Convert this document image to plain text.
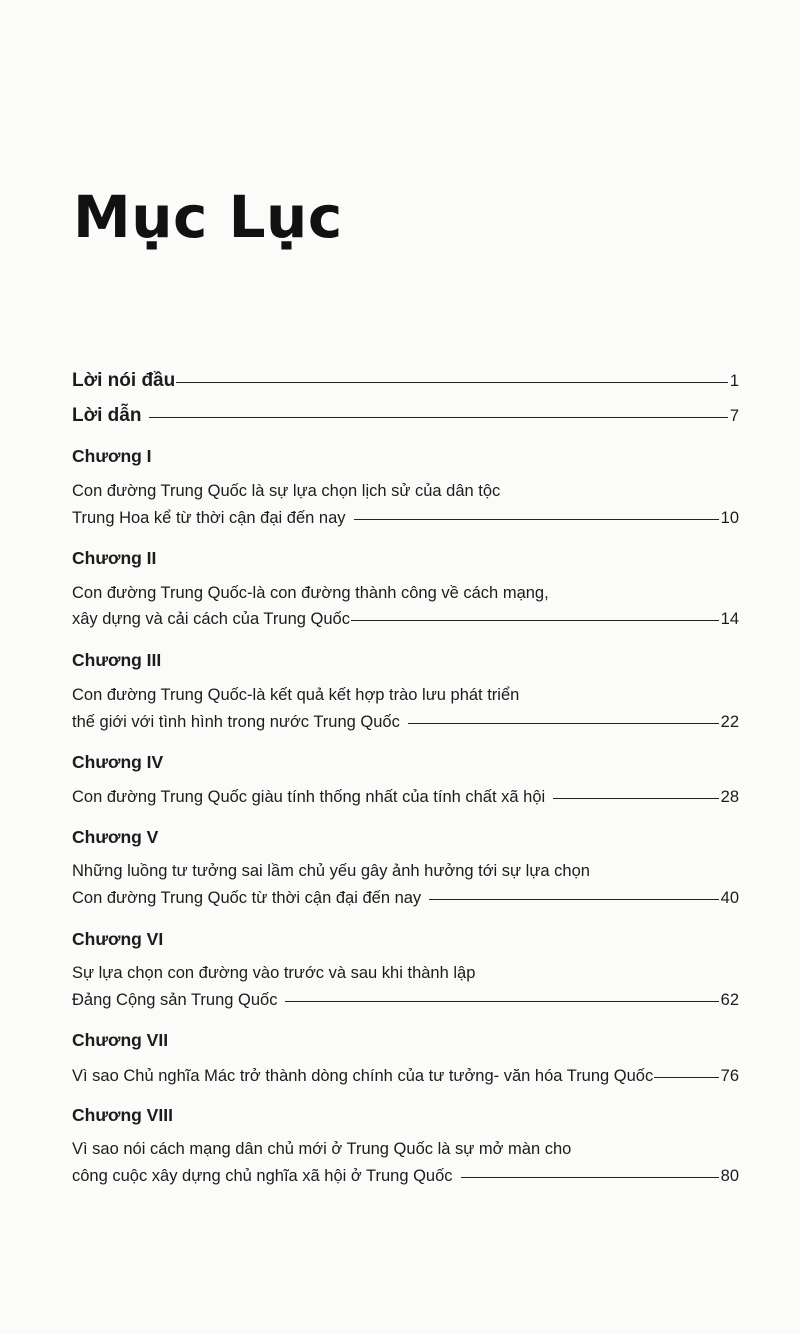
Mục Lục
Lời nói đầu	1
Lời dẫn	7
Chương I
Con đường Trung Quốc là sự lựa chọn lịch sử của dân tộc
Trung Hoa kể từ thời cận đại đến nay	10
Chương II
Con đường Trung Quốc-là con đường thành công về cách mạng,
xây dựng và cải cách của Trung Quốc	14
Chương III
Con đường Trung Quốc-là kết quả kết hợp trào lưu phát triển
thế giới với tình hình trong nước Trung Quốc	22
Chương IV
Con đường Trung Quốc giàu tính thống nhất của tính chất xã hội	28
Chương V
Những luồng tư tưởng sai lầm chủ yếu gây ảnh hưởng tới sự lựa chọn
Con đường Trung Quốc từ thời cận đại đến nay	40
Chương VI
Sự lựa chọn con đường vào trước và sau khi thành lập
Đảng Cộng sản Trung Quốc	62
Chương VII
Vì sao Chủ nghĩa Mác trở thành dòng chính của tư tưởng- văn hóa Trung Quốc	76
Chương VIII
Vì sao nói cách mạng dân chủ mới ở Trung Quốc là sự mở màn cho
công cuộc xây dựng chủ nghĩa xã hội ở Trung Quốc	80
